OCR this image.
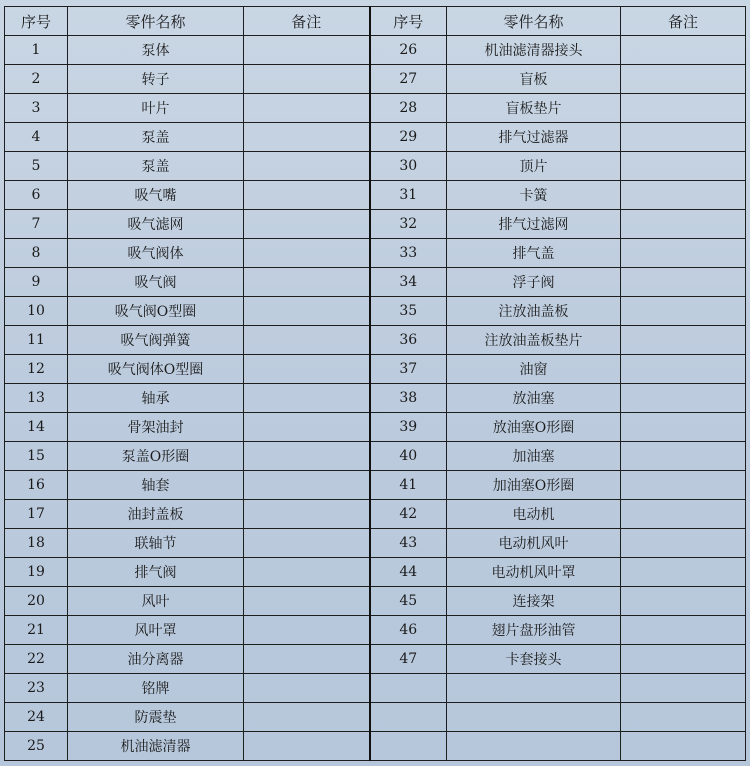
序号	零件名称	备注	序号	零件名称	备注
1	泵体		26	机油滤清器接头	
2	转子		27	盲板	
3	叶片		28	盲板垫片	
4	泵盖		29	排气过滤器	
5	泵盖		30	顶片	
6	吸气嘴		31	卡簧	
7	吸气滤网		32	排气过滤网	
8	吸气阀体		33	排气盖	
9	吸气阀		34	浮子阀	
10	吸气阀O型圈		35	注放油盖板	
11	吸气阀弹簧		36	注放油盖板垫片	
12	吸气阀体O型圈		37	油窗	
13	轴承		38	放油塞	
14	骨架油封		39	放油塞O形圈	
15	泵盖O形圈		40	加油塞	
16	轴套		41	加油塞O形圈	
17	油封盖板		42	电动机	
18	联轴节		43	电动机风叶	
19	排气阀		44	电动机风叶罩	
20	风叶		45	连接架	
21	风叶罩		46	翅片盘形油管	
22	油分离器		47	卡套接头	
23	铭牌				
24	防震垫				
25	机油滤清器				
